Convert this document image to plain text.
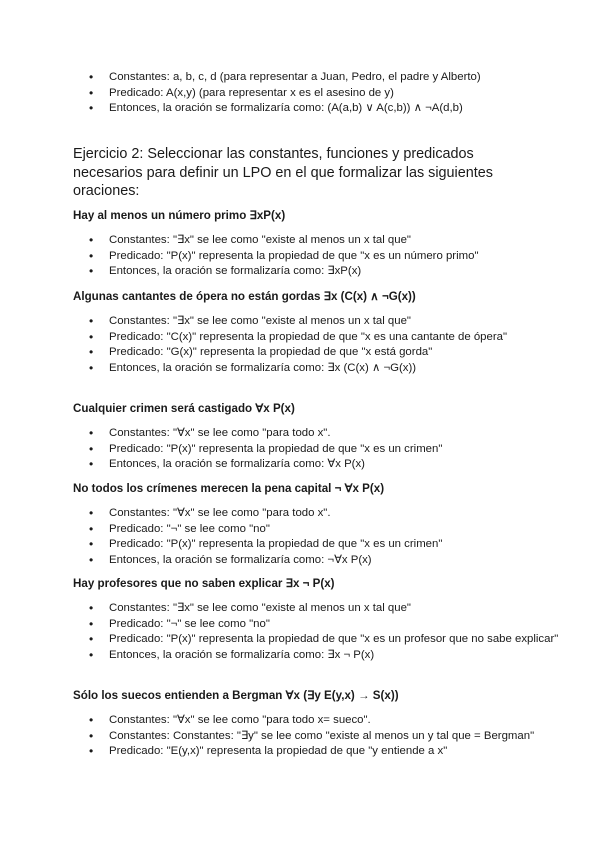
• Constantes: a, b, c, d (para representar a Juan, Pedro, el padre y Alberto)
• Predicado: A(x,y) (para representar x es el asesino de y)
• Entonces, la oración se formalizaría como: (A(a,b) ∨ A(c,b)) ∧ ¬A(d,b)

Ejercicio 2: Seleccionar las constantes, funciones y predicados necesarios para definir un LPO en el que formalizar las siguientes oraciones:

Hay al menos un número primo ∃xP(x)

• Constantes: "∃x" se lee como "existe al menos un x tal que"
• Predicado: "P(x)" representa la propiedad de que "x es un número primo"
• Entonces, la oración se formalizaría como: ∃xP(x)

Algunas cantantes de ópera no están gordas ∃x (C(x) ∧ ¬G(x))

• Constantes: "∃x" se lee como "existe al menos un x tal que"
• Predicado: "C(x)" representa la propiedad de que "x es una cantante de ópera"
• Predicado: "G(x)" representa la propiedad de que "x está gorda"
• Entonces, la oración se formalizaría como: ∃x (C(x) ∧ ¬G(x))

Cualquier crimen será castigado ∀x P(x)

• Constantes: "∀x" se lee como "para todo x".
• Predicado: "P(x)" representa la propiedad de que "x es un crimen"
• Entonces, la oración se formalizaría como: ∀x P(x)

No todos los crímenes merecen la pena capital ¬ ∀x P(x)

• Constantes: "∀x" se lee como "para todo x".
• Predicado: "¬" se lee como "no"
• Predicado: "P(x)" representa la propiedad de que "x es un crimen"
• Entonces, la oración se formalizaría como: ¬∀x P(x)

Hay profesores que no saben explicar ∃x ¬ P(x)

• Constantes: "∃x" se lee como "existe al menos un x tal que"
• Predicado: "¬" se lee como "no"
• Predicado: "P(x)" representa la propiedad de que "x es un profesor que no sabe explicar"
• Entonces, la oración se formalizaría como: ∃x ¬ P(x)

Sólo los suecos entienden a Bergman ∀x (∃y E(y,x) → S(x))

• Constantes: "∀x" se lee como "para todo x= sueco".
• Constantes: Constantes: "∃y" se lee como "existe al menos un y tal que = Bergman"
• Predicado: "E(y,x)" representa la propiedad de que "y entiende a x"
